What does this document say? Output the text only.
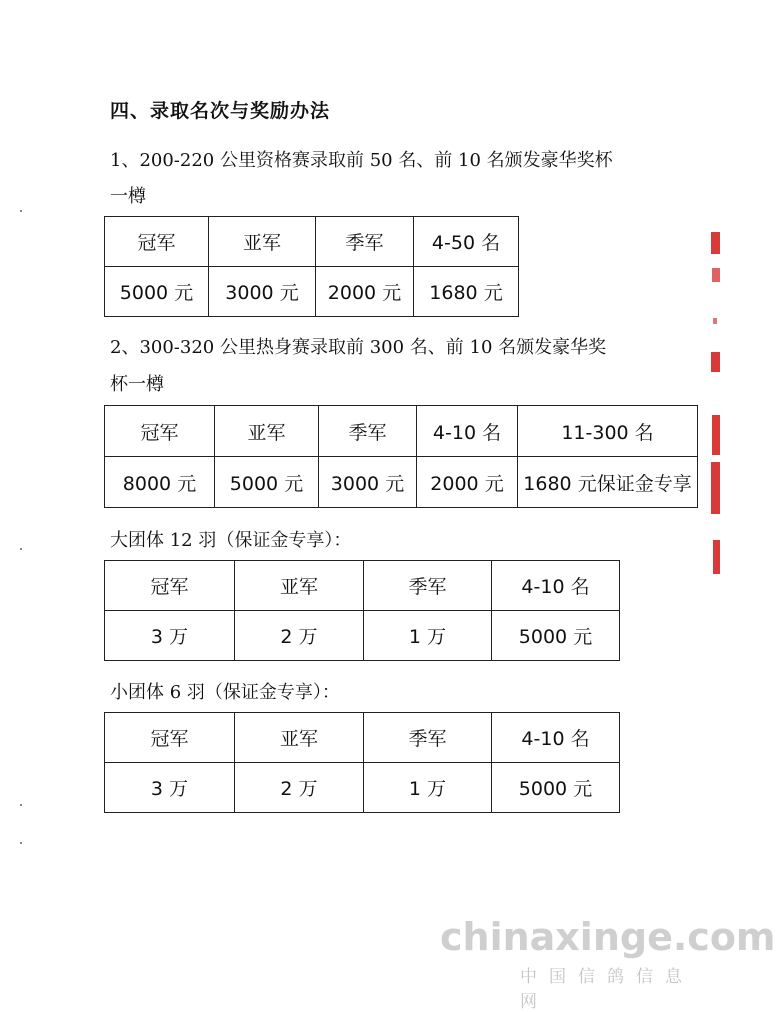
四、录取名次与奖励办法
1、200-220 公里资格赛录取前 50 名、前 10 名颁发豪华奖杯
一樽
冠军	亚军	季军	4-50 名
5000 元	3000 元	2000 元	1680 元
2、300-320 公里热身赛录取前 300 名、前 10 名颁发豪华奖
杯一樽
冠军	亚军	季军	4-10 名	11-300 名
8000 元	5000 元	3000 元	2000 元	1680 元保证金专享
大团体 12 羽（保证金专享）：
冠军	亚军	季军	4-10 名
3 万	2 万	1 万	5000 元
小团体 6 羽（保证金专享）：
冠军	亚军	季军	4-10 名
3 万	2 万	1 万	5000 元
chinaxinge.com
中国信鸽信息网
